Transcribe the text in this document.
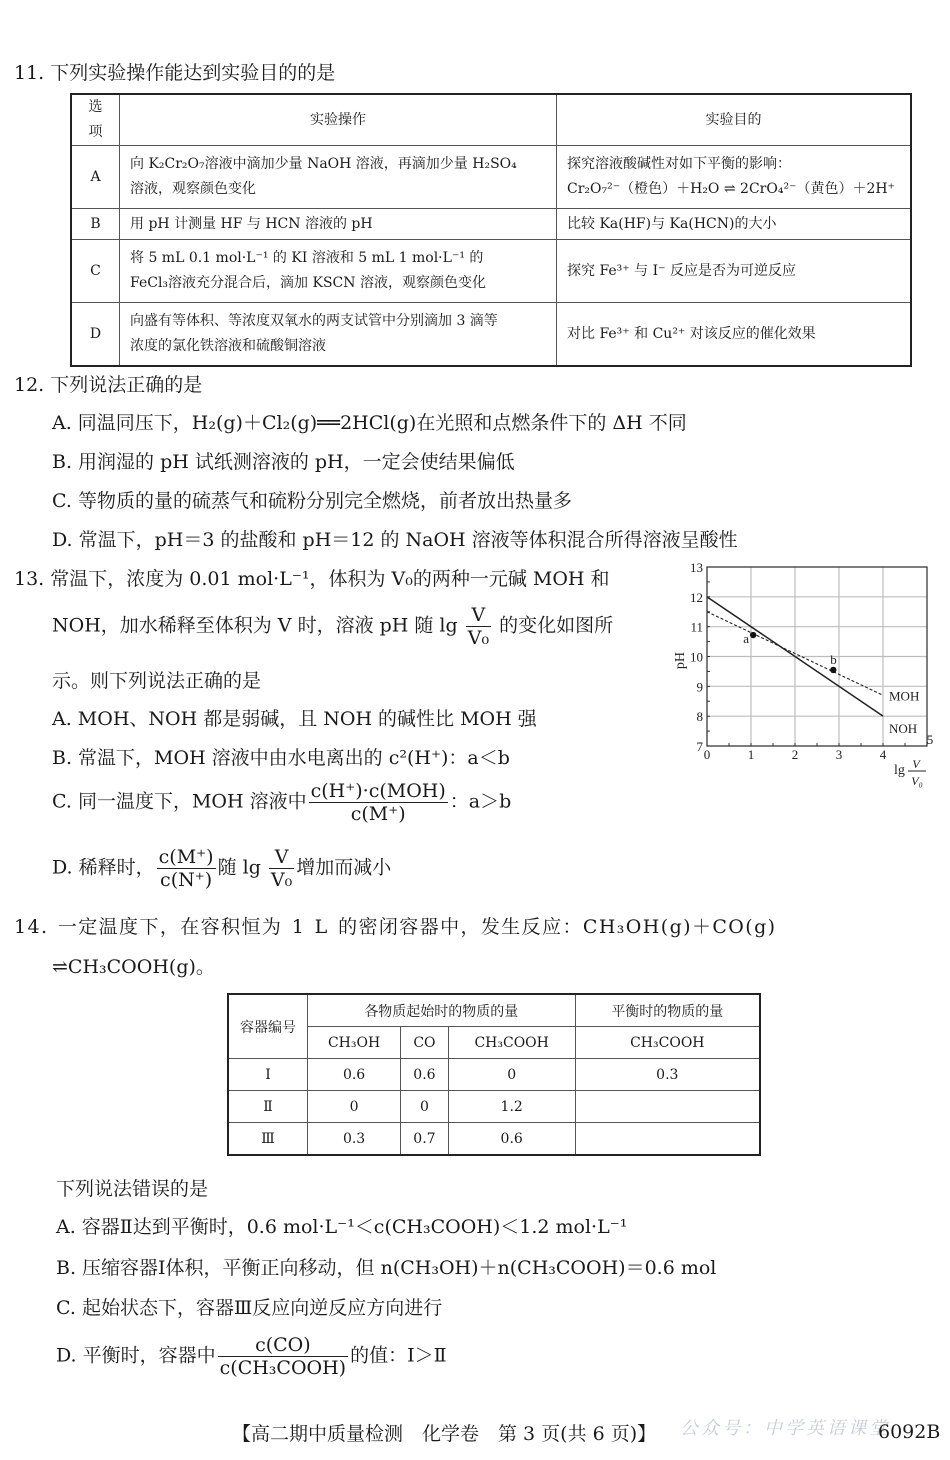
11. 下列实验操作能达到实验目的的是
选项	实验操作	实验目的
A	
向 K₂Cr₂O₇溶液中滴加少量 NaOH 溶液，再滴加少量 H₂SO₄
溶液，观察颜色变化

探究溶液酸碱性对如下平衡的影响：
Cr₂O₇²⁻（橙色）＋H₂O ⇌ 2CrO₄²⁻（黄色）＋2H⁺

B	用 pH 计测量 HF 与 HCN 溶液的 pH	比较 Ka(HF)与 Ka(HCN)的大小
C	将 5 mL 0.1 mol·L⁻¹ 的 KI 溶液和 5 mL 1 mol·L⁻¹ 的
FeCl₃溶液充分混合后，滴加 KSCN 溶液，观察颜色变化	探究 Fe³⁺ 与 I⁻ 反应是否为可逆反应
D	向盛有等体积、等浓度双氧水的两支试管中分别滴加 3 滴等
浓度的氯化铁溶液和硫酸铜溶液	对比 Fe³⁺ 和 Cu²⁺ 对该反应的催化效果
12. 下列说法正确的是
A. 同温同压下，H₂(g)＋Cl₂(g)══2HCl(g)在光照和点燃条件下的 ΔH 不同
B. 用润湿的 pH 试纸测溶液的 pH，一定会使结果偏低
C. 等物质的量的硫蒸气和硫粉分别完全燃烧，前者放出热量多
D. 常温下，pH＝3 的盐酸和 pH＝12 的 NaOH 溶液等体积混合所得溶液呈酸性
13. 常温下，浓度为 0.01 mol·L⁻¹，体积为 V₀的两种一元碱 MOH 和
NOH，加水稀释至体积为 V 时，溶液 pH 随 $\lg \frac{V}{\text{V₀}}$ 的变化如图所
示。则下列说法正确的是
A. MOH、NOH 都是弱碱，且 NOH 的碱性比 MOH 强
B. 常温下，MOH 溶液中由水电离出的 c²(H⁺)：a＜b
C. 同一温度下，MOH 溶液中 $\frac{\text{c(H⁺)·c(MOH)}}{c(M^+)}$ ：a＞b
D. 稀释时， $\frac{c(M^+)}{c(N^+)}$ 随 $\lg \frac{V}{\text{V₀}}$ 增加而减小
7
8
9
10
11
12
13
0	1	2	3	4
5
pH
lg V
V₀
MOH
NOH
a
b
14. 一定温度下，在容积恒为 1 L 的密闭容器中，发生反应：CH₃OH(g)＋CO(g)
⇌CH₃COOH(g)。
容器编号	各物质起始时的物质的量			平衡时的物质的量
	CH₃OH	CO	CH₃COOH	CH₃COOH
Ⅰ	0.6	0.6	0	0.3
Ⅱ	0	0	1.2	
Ⅲ	0.3	0.7	0.6	
下列说法错误的是
A. 容器Ⅱ达到平衡时，0.6 mol·L⁻¹＜c(CH₃COOH)＜1.2 mol·L⁻¹
B. 压缩容器Ⅰ体积，平衡正向移动，但 n(CH₃OH)＋n(CH₃COOH)＝0.6 mol
C. 起始状态下，容器Ⅲ反应向逆反应方向进行
D. 平衡时，容器中 $\frac{c(CO)}{\text{c(CH₃COOH)}}$ 的值：Ⅰ＞Ⅱ
【高二期中质量检测　化学卷　第 3 页(共 6 页)】 公众号：中学英语课堂
6092B
